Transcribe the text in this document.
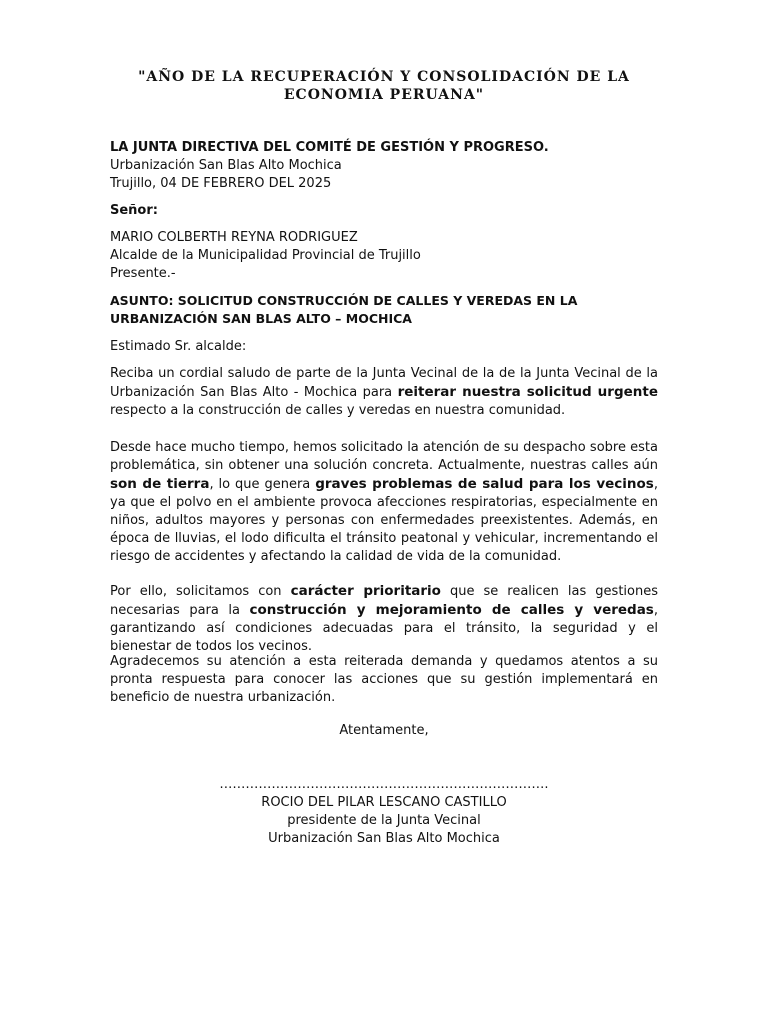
"AÑO DE LA RECUPERACIÓN Y CONSOLIDACIÓN DE LA ECONOMIA PERUANA"
LA JUNTA DIRECTIVA DEL COMITÉ DE GESTIÓN Y PROGRESO.
Urbanización San Blas Alto Mochica
Trujillo, 04 DE FEBRERO DEL 2025
Señor:
MARIO COLBERTH REYNA RODRIGUEZ
Alcalde de la Municipalidad Provincial de Trujillo
Presente.-
ASUNTO: SOLICITUD CONSTRUCCIÓN DE CALLES Y VEREDAS EN LA URBANIZACIÓN SAN BLAS ALTO – MOCHICA
Estimado Sr. alcalde:
Reciba un cordial saludo de parte de la Junta Vecinal de la de la Junta Vecinal de la Urbanización San Blas Alto - Mochica para reiterar nuestra solicitud urgente respecto a la construcción de calles y veredas en nuestra comunidad.
Desde hace mucho tiempo, hemos solicitado la atención de su despacho sobre esta problemática, sin obtener una solución concreta. Actualmente, nuestras calles aún son de tierra, lo que genera graves problemas de salud para los vecinos, ya que el polvo en el ambiente provoca afecciones respiratorias, especialmente en niños, adultos mayores y personas con enfermedades preexistentes. Además, en época de lluvias, el lodo dificulta el tránsito peatonal y vehicular, incrementando el riesgo de accidentes y afectando la calidad de vida de la comunidad.
Por ello, solicitamos con carácter prioritario que se realicen las gestiones necesarias para la construcción y mejoramiento de calles y veredas, garantizando así condiciones adecuadas para el tránsito, la seguridad y el bienestar de todos los vecinos.
Agradecemos su atención a esta reiterada demanda y quedamos atentos a su pronta respuesta para conocer las acciones que su gestión implementará en beneficio de nuestra urbanización.
Atentamente,
………………………………………………………………….
ROCIO DEL PILAR LESCANO CASTILLO
presidente de la Junta Vecinal
Urbanización San Blas Alto Mochica
